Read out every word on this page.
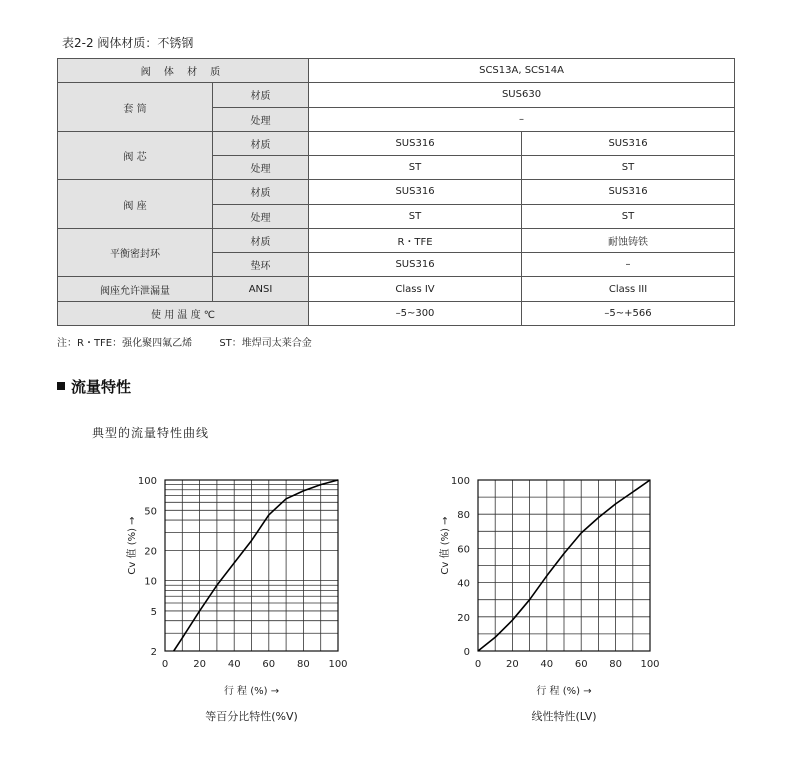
表2-2 阀体材质：不锈钢
阀 体 材 质		SCS13A, SCS14A	
套 筒	材质	SUS630	
	处理	–	
阀 芯	材质	SUS316	SUS316
	处理	ST	ST
阀 座	材质	SUS316	SUS316
	处理	ST	ST
平衡密封环	材质	R・TFE	耐蚀铸铁
	垫环	SUS316	–
阀座允许泄漏量	ANSI	Class IV	Class III
使 用 温 度 ℃		–5~300	–5~+566
注：R・TFE：强化聚四氟乙烯	ST：堆焊司太莱合金
流量特性
典型的流量特性曲线
0	20 40 60 80 100
2
5
10
20
50
100
行 程 (%) →
Cv 值 (%) →
等百分比特性(%V)
0 20 40 60 80 100
0
20
40
60
80
100
行 程 (%) →
Cv 值 (%) →
线性特性(LV)
